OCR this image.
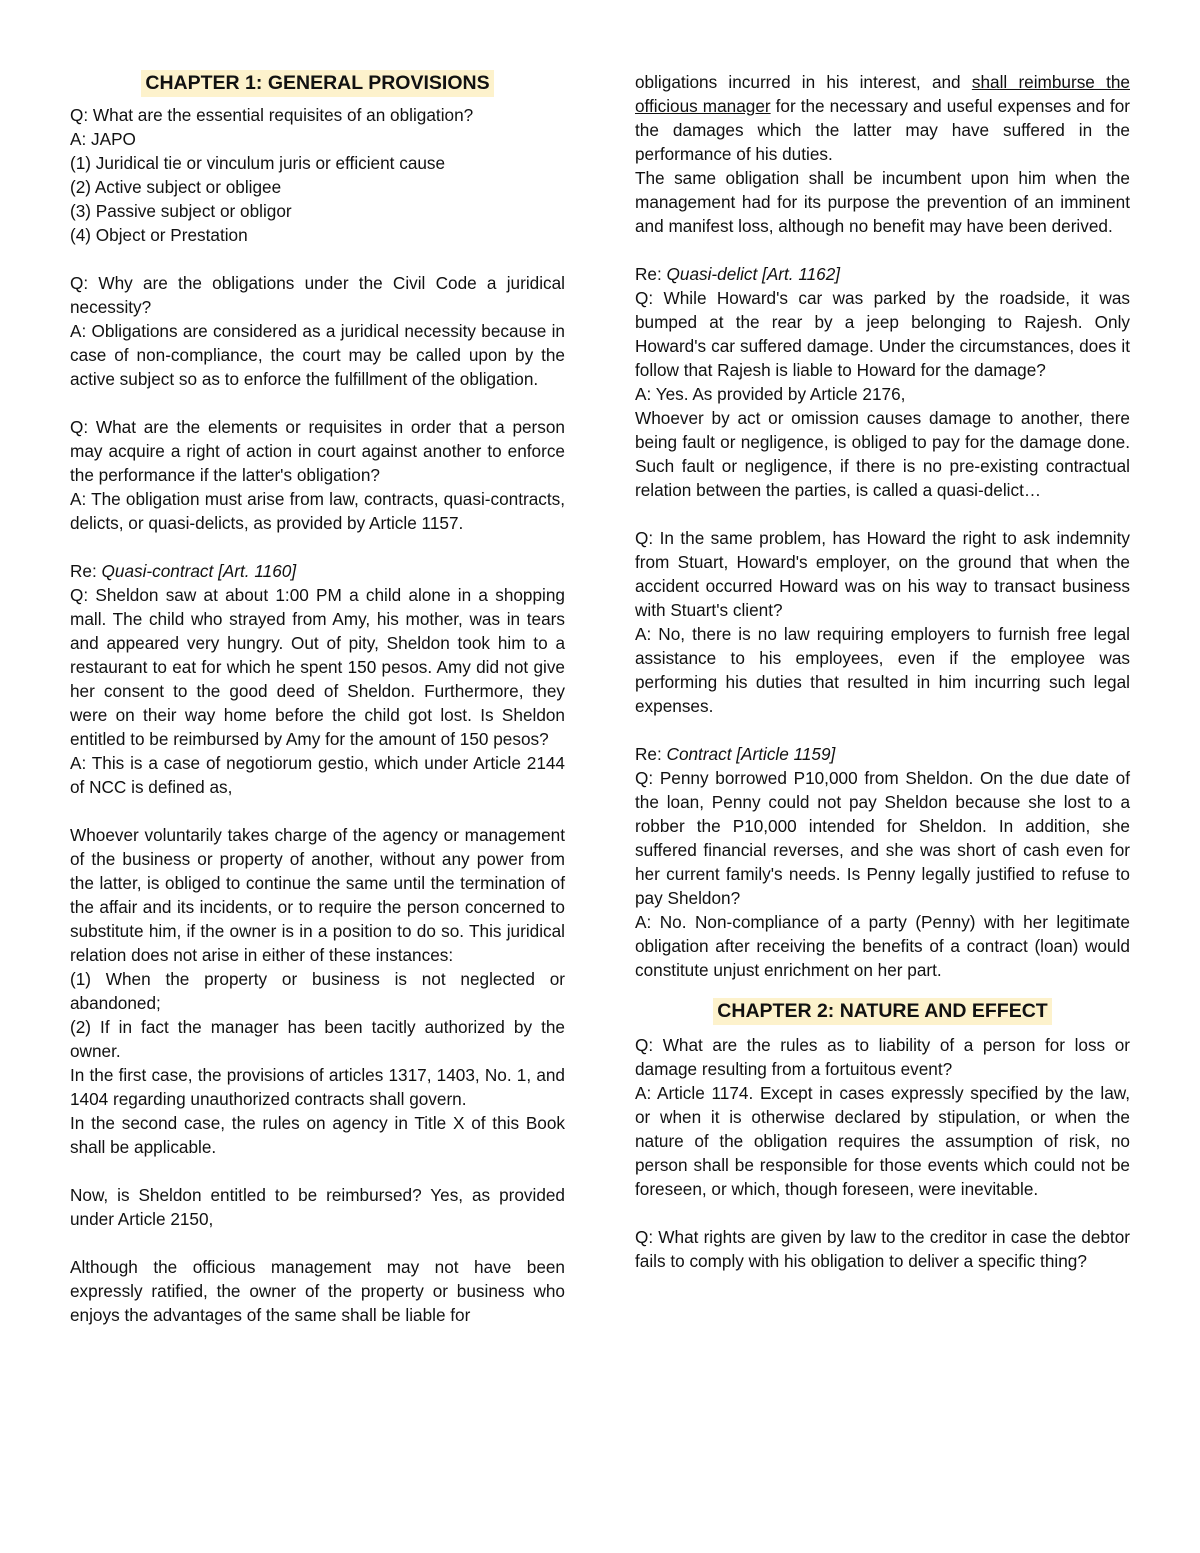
CHAPTER 1: GENERAL PROVISIONS

Q: What are the essential requisites of an obligation?

A: JAPO

(1) Juridical tie or vinculum juris or efficient cause

(2) Active subject or obligee

(3) Passive subject or obligor

(4) Object or Prestation

Q: Why are the obligations under the Civil Code a juridical necessity?

A: Obligations are considered as a juridical necessity because in case of non-compliance, the court may be called upon by the active subject so as to enforce the fulfillment of the obligation.

Q: What are the elements or requisites in order that a person may acquire a right of action in court against another to enforce the performance if the latter's obligation?

A: The obligation must arise from law, contracts, quasi-contracts, delicts, or quasi-delicts, as provided by Article 1157.

Re: Quasi-contract [Art. 1160]

Q: Sheldon saw at about 1:00 PM a child alone in a shopping mall. The child who strayed from Amy, his mother, was in tears and appeared very hungry. Out of pity, Sheldon took him to a restaurant to eat for which he spent 150 pesos. Amy did not give her consent to the good deed of Sheldon. Furthermore, they were on their way home before the child got lost. Is Sheldon entitled to be reimbursed by Amy for the amount of 150 pesos?

A: This is a case of negotiorum gestio, which under Article 2144 of NCC is defined as,

Whoever voluntarily takes charge of the agency or management of the business or property of another, without any power from the latter, is obliged to continue the same until the termination of the affair and its incidents, or to require the person concerned to substitute him, if the owner is in a position to do so. This juridical relation does not arise in either of these instances:

(1) When the property or business is not neglected or abandoned;

(2) If in fact the manager has been tacitly authorized by the owner.

In the first case, the provisions of articles 1317, 1403, No. 1, and 1404 regarding unauthorized contracts shall govern.

In the second case, the rules on agency in Title X of this Book shall be applicable.

Now, is Sheldon entitled to be reimbursed? Yes, as provided under Article 2150,

Although the officious management may not have been expressly ratified, the owner of the property or business who enjoys the advantages of the same shall be liable for

obligations incurred in his interest, and shall reimburse the officious manager for the necessary and useful expenses and for the damages which the latter may have suffered in the performance of his duties.

The same obligation shall be incumbent upon him when the management had for its purpose the prevention of an imminent and manifest loss, although no benefit may have been derived.

Re: Quasi-delict [Art. 1162]

Q: While Howard's car was parked by the roadside, it was bumped at the rear by a jeep belonging to Rajesh. Only Howard's car suffered damage. Under the circumstances, does it follow that Rajesh is liable to Howard for the damage?

A: Yes. As provided by Article 2176,

Whoever by act or omission causes damage to another, there being fault or negligence, is obliged to pay for the damage done. Such fault or negligence, if there is no pre-existing contractual relation between the parties, is called a quasi-delict…

Q: In the same problem, has Howard the right to ask indemnity from Stuart, Howard's employer, on the ground that when the accident occurred Howard was on his way to transact business with Stuart's client?

A: No, there is no law requiring employers to furnish free legal assistance to his employees, even if the employee was performing his duties that resulted in him incurring such legal expenses.

Re: Contract [Article 1159]

Q: Penny borrowed P10,000 from Sheldon. On the due date of the loan, Penny could not pay Sheldon because she lost to a robber the P10,000 intended for Sheldon. In addition, she suffered financial reverses, and she was short of cash even for her current family's needs. Is Penny legally justified to refuse to pay Sheldon?

A: No. Non-compliance of a party (Penny) with her legitimate obligation after receiving the benefits of a contract (loan) would constitute unjust enrichment on her part.

CHAPTER 2: NATURE AND EFFECT

Q: What are the rules as to liability of a person for loss or damage resulting from a fortuitous event?

A: Article 1174. Except in cases expressly specified by the law, or when it is otherwise declared by stipulation, or when the nature of the obligation requires the assumption of risk, no person shall be responsible for those events which could not be foreseen, or which, though foreseen, were inevitable.

Q: What rights are given by law to the creditor in case the debtor fails to comply with his obligation to deliver a specific thing?
